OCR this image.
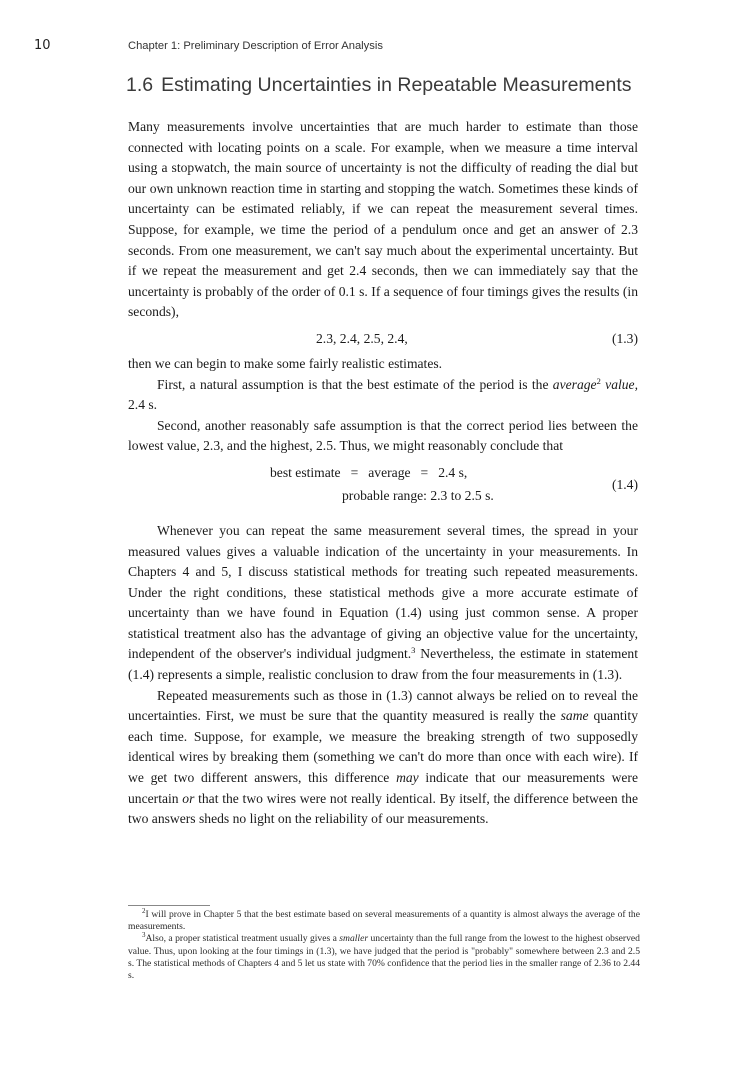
10	Chapter 1: Preliminary Description of Error Analysis
1.6 Estimating Uncertainties in Repeatable Measurements

Many measurements involve uncertainties that are much harder to estimate than those connected with locating points on a scale. For example, when we measure a time interval using a stopwatch, the main source of uncertainty is not the difficulty of reading the dial but our own unknown reaction time in starting and stopping the watch. Sometimes these kinds of uncertainty can be estimated reliably, if we can repeat the measurement several times. Suppose, for example, we time the period of a pendulum once and get an answer of 2.3 seconds. From one measurement, we can't say much about the experimental uncertainty. But if we repeat the measurement and get 2.4 seconds, then we can immediately say that the uncertainty is probably of the order of 0.1 s. If a sequence of four timings gives the results (in seconds),

2.3, 2.4, 2.5, 2.4,	(1.3)

then we can begin to make some fairly realistic estimates.

First, a natural assumption is that the best estimate of the period is the average$^2$ value, 2.4 s.

Second, another reasonably safe assumption is that the correct period lies between the lowest value, 2.3, and the highest, 2.5. Thus, we might reasonably conclude that

best estimate = average = 2.4 s,
probable range: 2.3 to 2.5 s.
(1.4)

Whenever you can repeat the same measurement several times, the spread in your measured values gives a valuable indication of the uncertainty in your measurements. In Chapters 4 and 5, I discuss statistical methods for treating such repeated measurements. Under the right conditions, these statistical methods give a more accurate estimate of uncertainty than we have found in Equation (1.4) using just common sense. A proper statistical treatment also has the advantage of giving an objective value for the uncertainty, independent of the observer's individual judgment.$^3$ Nevertheless, the estimate in statement (1.4) represents a simple, realistic conclusion to draw from the four measurements in (1.3).

Repeated measurements such as those in (1.3) cannot always be relied on to reveal the uncertainties. First, we must be sure that the quantity measured is really the same quantity each time. Suppose, for example, we measure the breaking strength of two supposedly identical wires by breaking them (something we can't do more than once with each wire). If we get two different answers, this difference may indicate that our measurements were uncertain or that the two wires were not really identical. By itself, the difference between the two answers sheds no light on the reliability of our measurements.

$^2$I will prove in Chapter 5 that the best estimate based on several measurements of a quantity is almost always the average of the measurements.

$^3$Also, a proper statistical treatment usually gives a smaller uncertainty than the full range from the lowest to the highest observed value. Thus, upon looking at the four timings in (1.3), we have judged that the period is "probably" somewhere between 2.3 and 2.5 s. The statistical methods of Chapters 4 and 5 let us state with 70% confidence that the period lies in the smaller range of 2.36 to 2.44 s.
